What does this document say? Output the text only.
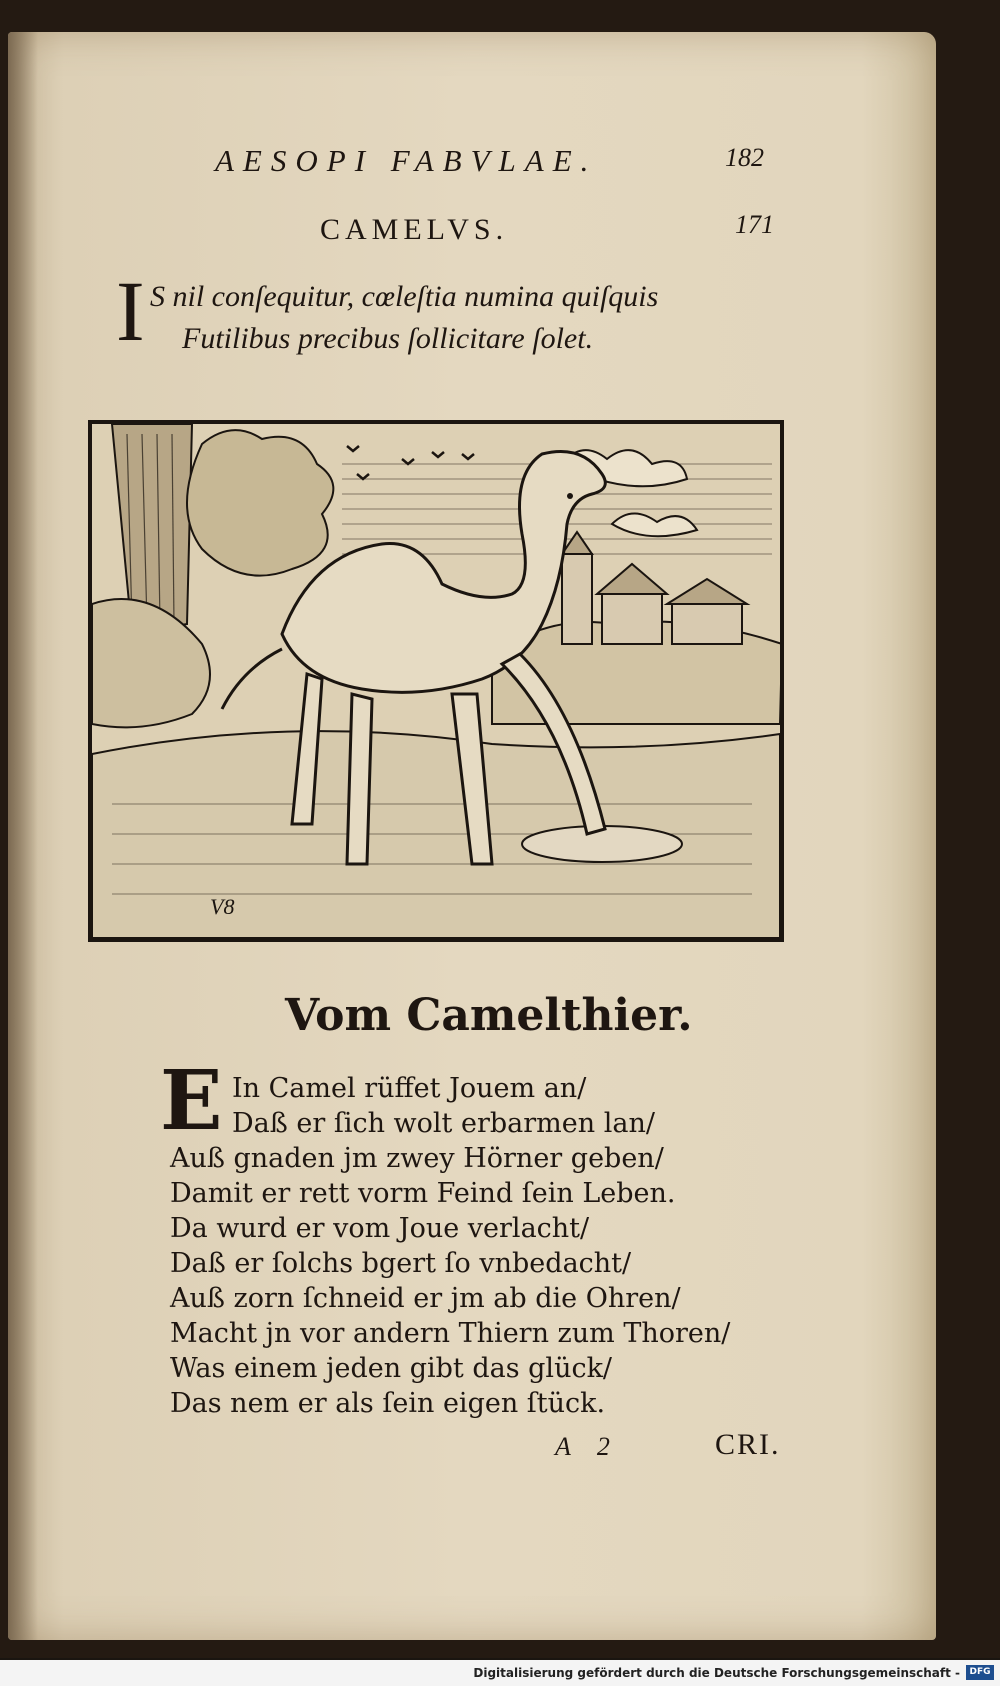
AESOPI FABVLAE.	182

CAMELVS.	171

I S nil conſequitur, cœleſtia numina quiſquis

Futilibus precibus ſollicitare ſolet.

V8

Vom Camelthier.

E In Camel rüffet Jouem an/

Daß er ſich wolt erbarmen lan/

Auß gnaden jm zwey Hörner geben/

Damit er rett vorm Feind ſein Leben.

Da wurd er vom Joue verlacht/

Daß er ſolchs bgert ſo vnbedacht/

Auß zorn ſchneid er jm ab die Ohren/

Macht jn vor andern Thiern zum Thoren/

Was einem jeden gibt das glück/

Das nem er als ſein eigen ſtück.

A 2	CRI.

Digitalisierung gefördert durch die Deutsche Forschungsgemeinschaft -	DFG
